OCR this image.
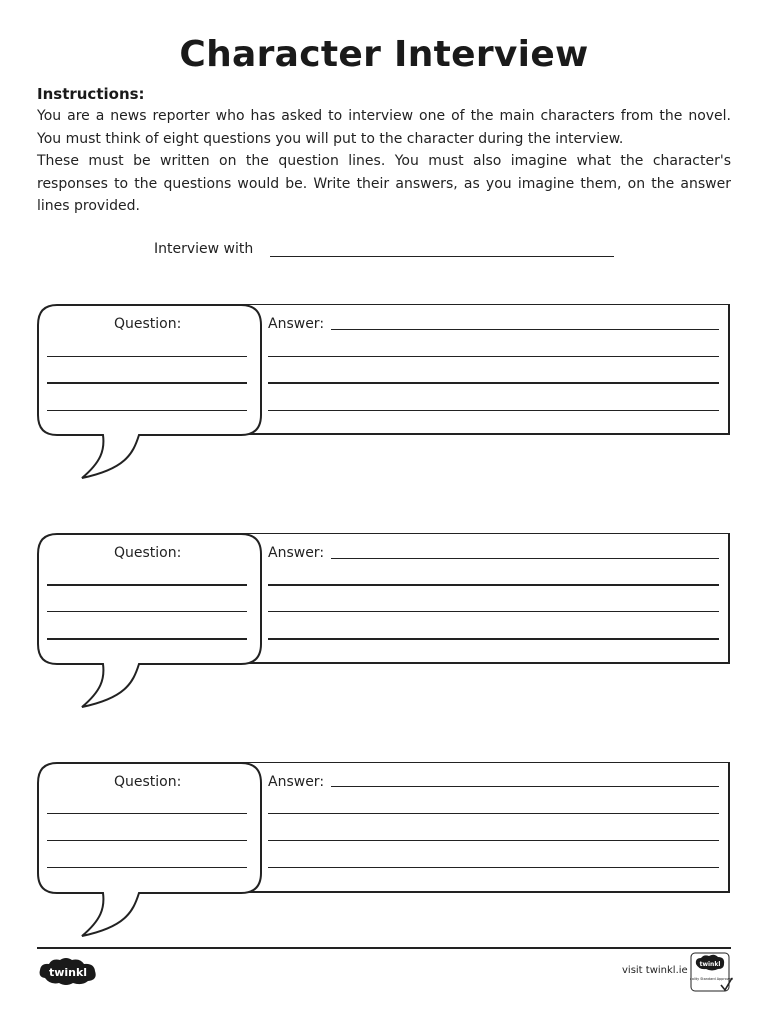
Character Interview
Instructions:

You are a news reporter who has asked to interview one of the main characters from the novel. You must think of eight questions you will put to the character during the interview.

These must be written on the question lines. You must also imagine what the character's responses to the questions would be. Write their answers, as you imagine them, on the answer lines provided.

Interview with
Question:	Answer:
Question:	Answer:
Question:	Answer:
twinkl	visit twinkl.ie
twinkl
Quality Standard Approved
